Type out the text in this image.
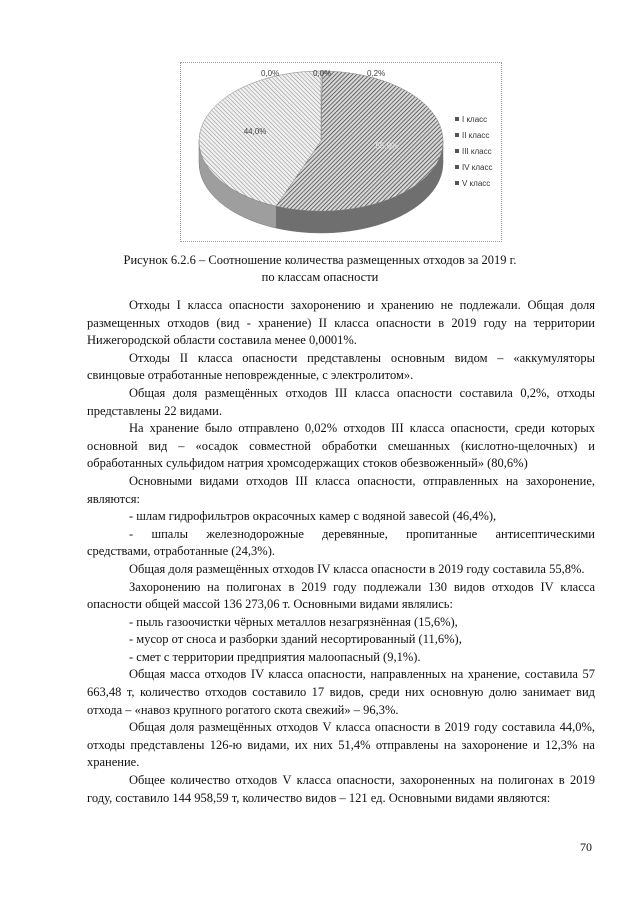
55,8%
44,0%
0,0%	0,0%	0,2%
I класс
II класс
III класс
IV класс
V класс
Рисунок 6.2.6 – Соотношение количества размещенных отходов за 2019 г.
по классам опасности

Отходы I класса опасности захоронению и хранению не подлежали. Общая доля размещенных отходов (вид - хранение) II класса опасности в 2019 году на территории Нижегородской области составила менее 0,0001%.

Отходы II класса опасности представлены основным видом – «аккумуляторы свинцовые отработанные неповрежденные, с электролитом».

Общая доля размещённых отходов III класса опасности составила 0,2%, отходы представлены 22 видами.

На хранение было отправлено 0,02% отходов III класса опасности, среди которых основной вид – «осадок совместной обработки смешанных (кислотно-щелочных) и обработанных сульфидом натрия хромсодержащих стоков обезвоженный» (80,6%)

Основными видами отходов III класса опасности, отправленных на захоронение, являются:

- шлам гидрофильтров окрасочных камер с водяной завесой (46,4%),

- шпалы железнодорожные деревянные, пропитанные антисептическими

средствами, отработанные (24,3%).

Общая доля размещённых отходов IV класса опасности в 2019 году составила 55,8%.

Захоронению на полигонах в 2019 году подлежали 130 видов отходов IV класса опасности общей массой 136 273,06 т. Основными видами являлись:

- пыль газоочистки чёрных металлов незагрязнённая (15,6%),

- мусор от сноса и разборки зданий несортированный (11,6%),

- смет с территории предприятия малоопасный (9,1%).

Общая масса отходов IV класса опасности, направленных на хранение, составила 57 663,48 т, количество отходов составило 17 видов, среди них основную долю занимает вид отхода – «навоз крупного рогатого скота свежий» – 96,3%.

Общая доля размещённых отходов V класса опасности в 2019 году составила 44,0%, отходы представлены 126-ю видами, их них 51,4% отправлены на захоронение и 12,3% на хранение.

Общее количество отходов V класса опасности, захороненных на полигонах в 2019 году, составило 144 958,59 т, количество видов – 121 ед. Основными видами являются:

70
